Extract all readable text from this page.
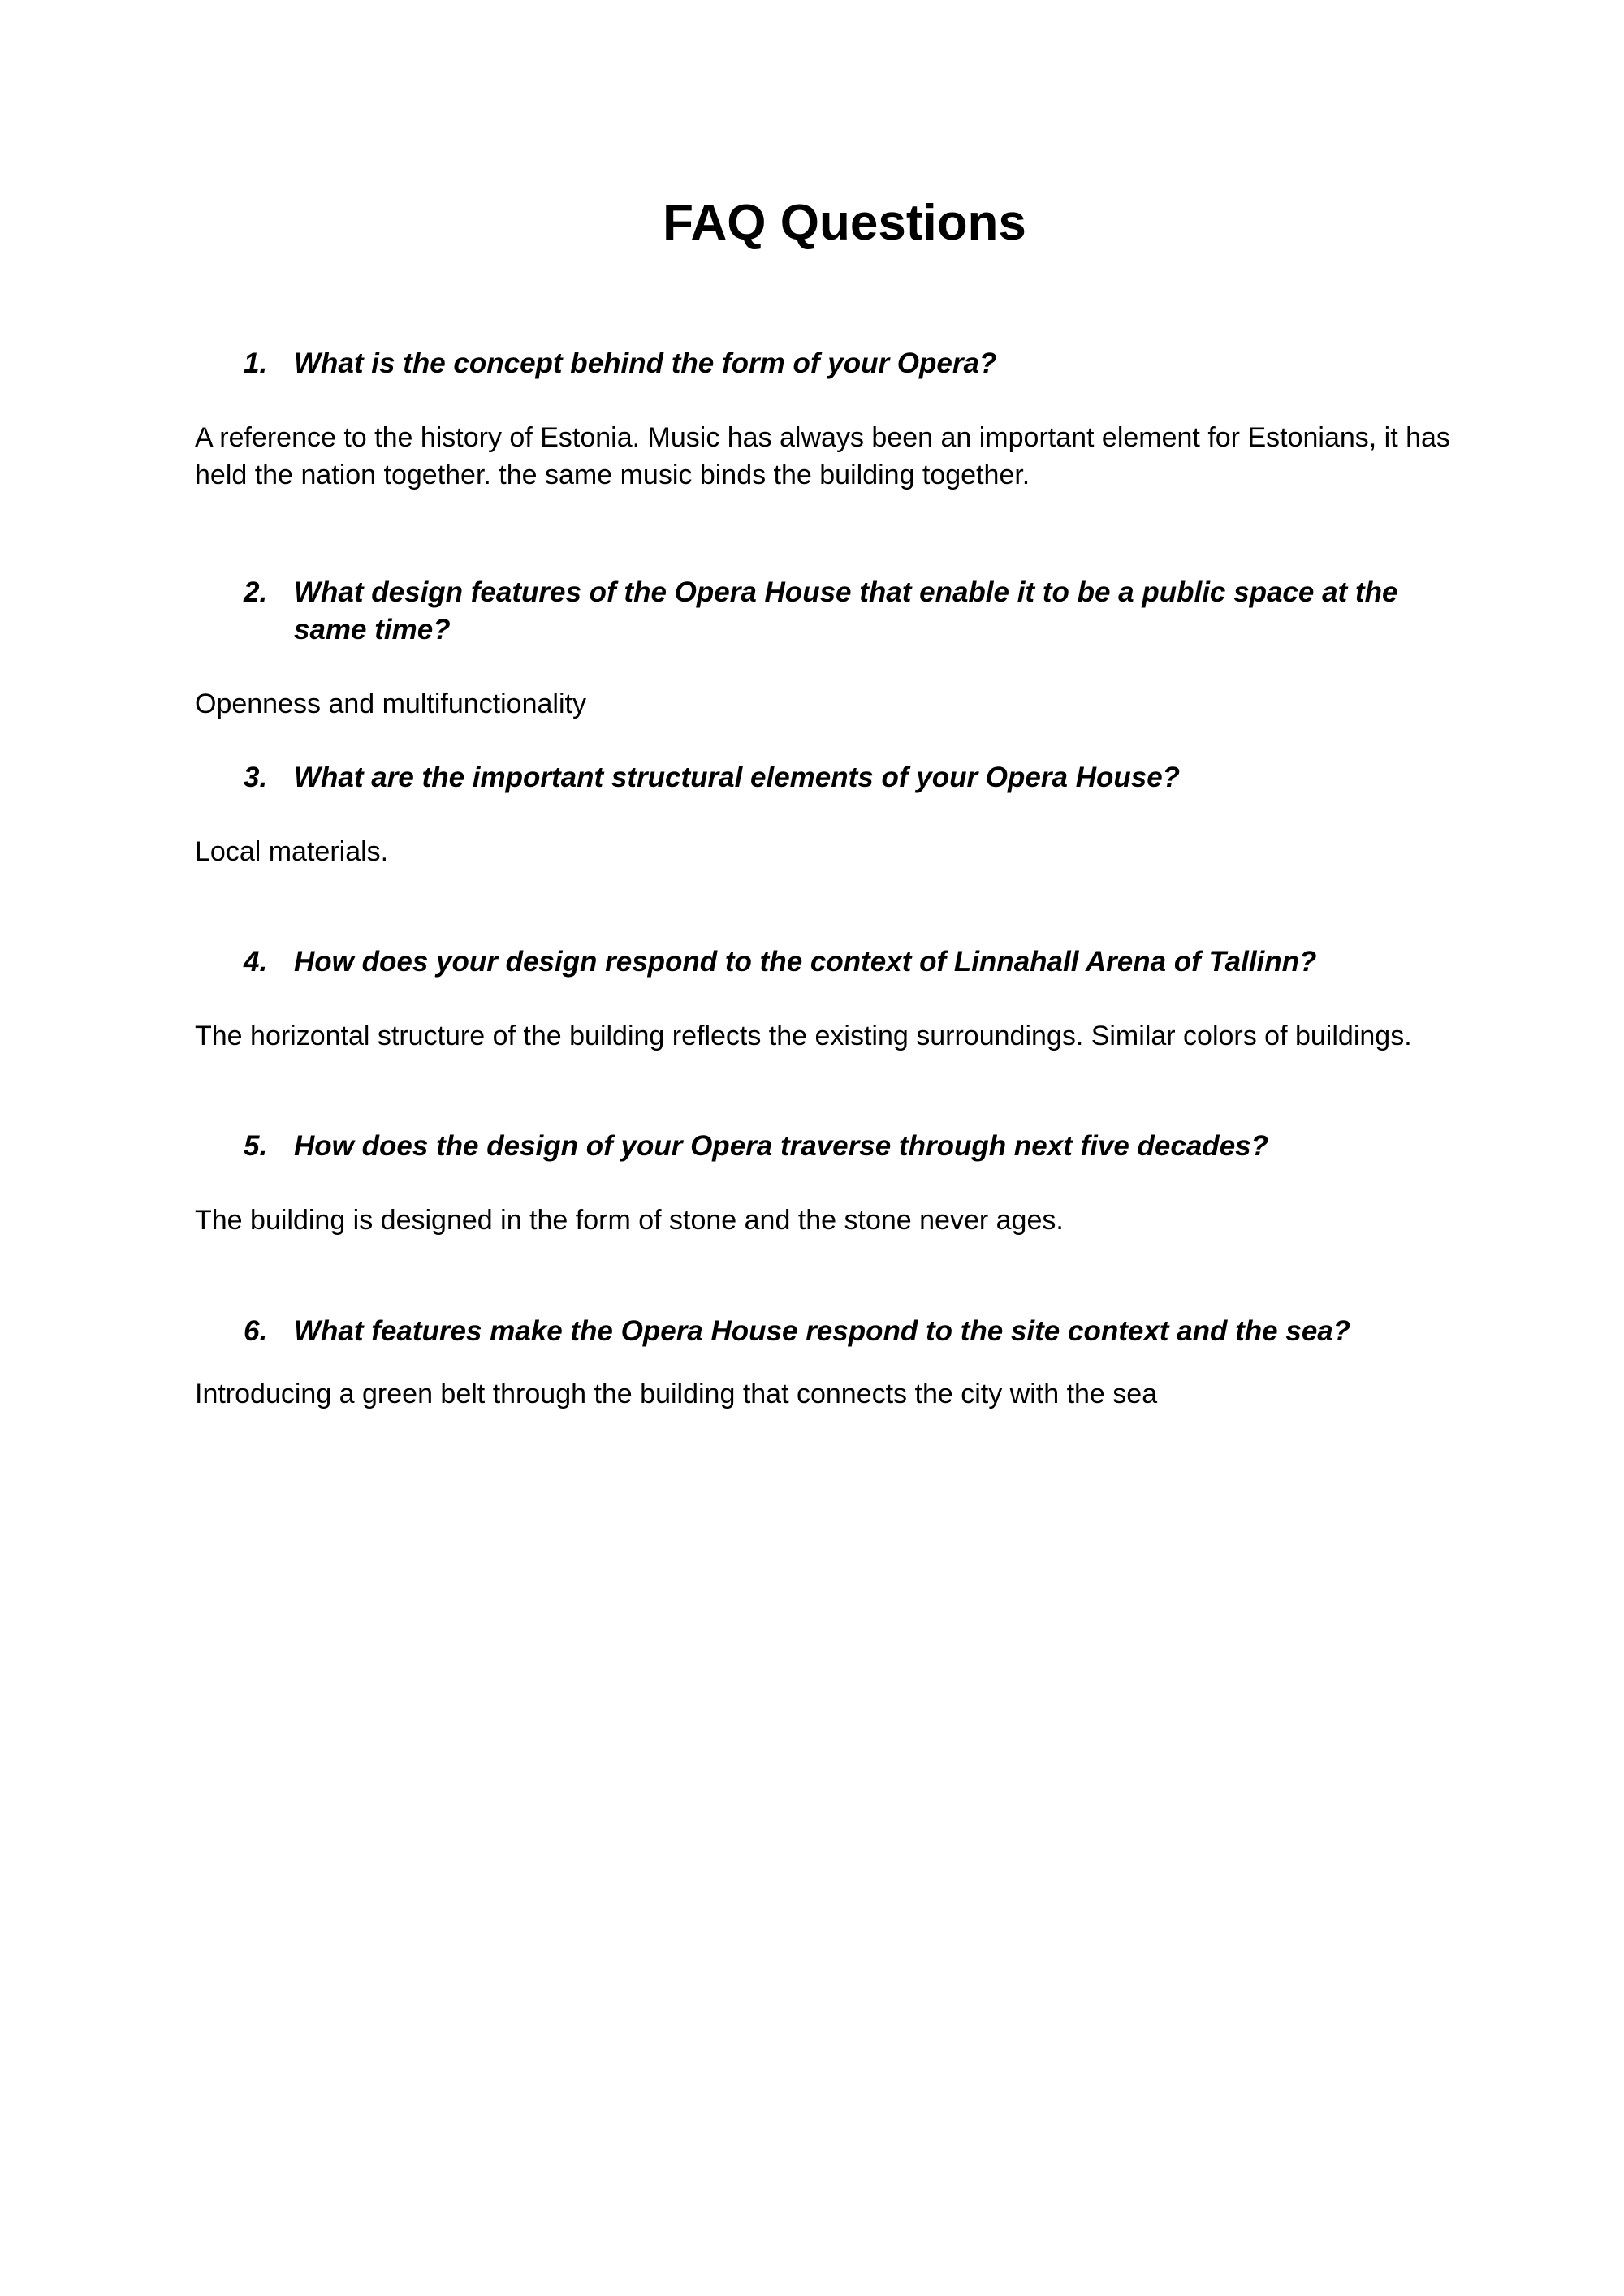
FAQ Questions

1. What is the concept behind the form of your Opera?

A reference to the history of Estonia. Music has always been an important element for Estonians, it has held the nation together. the same music binds the building together.

2. What design features of the Opera House that enable it to be a public space at the same time?

Openness and multifunctionality

3. What are the important structural elements of your Opera House?

Local materials.

4. How does your design respond to the context of Linnahall Arena of Tallinn?

The horizontal structure of the building reflects the existing surroundings. Similar colors of buildings.

5. How does the design of your Opera traverse through next five decades?

The building is designed in the form of stone and the stone never ages.

6. What features make the Opera House respond to the site context and the sea?

Introducing a green belt through the building that connects the city with the sea
